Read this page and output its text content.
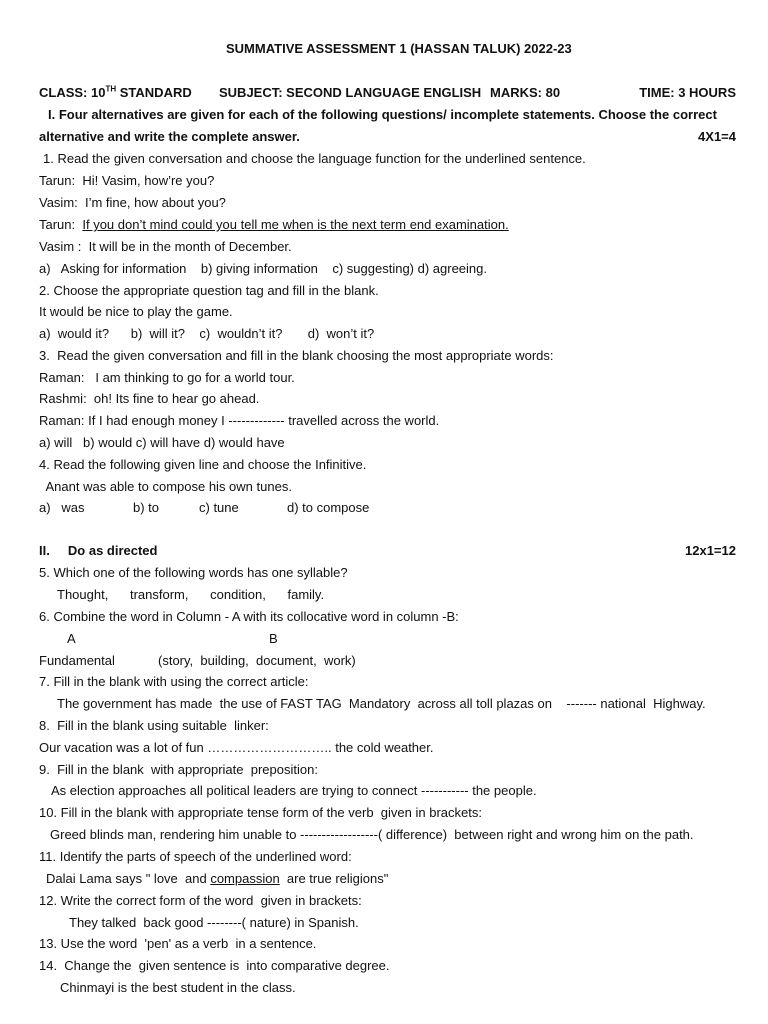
SUMMATIVE ASSESSMENT 1 (HASSAN TALUK) 2022-23
CLASS: 10TH STANDARD SUBJECT: SECOND LANGUAGE ENGLISH MARKS: 80	TIME: 3 HOURS
I. Four alternatives are given for each of the following questions/ incomplete statements. Choose the correct
alternative and write the complete answer.	4X1=4
1. Read the given conversation and choose the language function for the underlined sentence.
Tarun:  Hi! Vasim, how’re you?
Vasim:  I’m fine, how about you?
Tarun:  If you don’t mind could you tell me when is the next term end examination.
Vasim :  It will be in the month of December.
a)   Asking for information    b) giving information    c) suggesting) d) agreeing.
2. Choose the appropriate question tag and fill in the blank.
It would be nice to play the game.
a)  would it?      b)  will it?    c)  wouldn’t it?       d)  won’t it?
3.  Read the given conversation and fill in the blank choosing the most appropriate words:
Raman:   I am thinking to go for a world tour.
Rashmi:  oh! Its fine to hear go ahead.
Raman: If I had enough money I ------------- travelled across the world.
a) will   b) would c) will have d) would have
4. Read the following given line and choose the Infinitive.
Anant was able to compose his own tunes.
a)   was	b) to	c) tune	d) to compose
II.     Do as directed	12x1=12
5. Which one of the following words has one syllable?
Thought,      transform,      condition,      family.
6. Combine the word in Column - A with its collocative word in column -B:
A	B
Fundamental	(story,  building,  document,  work)
7. Fill in the blank with using the correct article:
The government has made  the use of FAST TAG  Mandatory  across all toll plazas on    ------- national  Highway.
8.  Fill in the blank using suitable  linker:
Our vacation was a lot of fun ……………………….. the cold weather.
9.  Fill in the blank  with appropriate  preposition:
As election approaches all political leaders are trying to connect ----------- the people.
10. Fill in the blank with appropriate tense form of the verb  given in brackets:
Greed blinds man, rendering him unable to ------------------( difference)  between right and wrong him on the path.
11. Identify the parts of speech of the underlined word:
Dalai Lama says " love  and compassion  are true religions"
12. Write the correct form of the word  given in brackets:
They talked  back good --------( nature) in Spanish.
13. Use the word  'pen' as a verb  in a sentence.
14.  Change the  given sentence is  into comparative degree.
Chinmayi is the best student in the class.
